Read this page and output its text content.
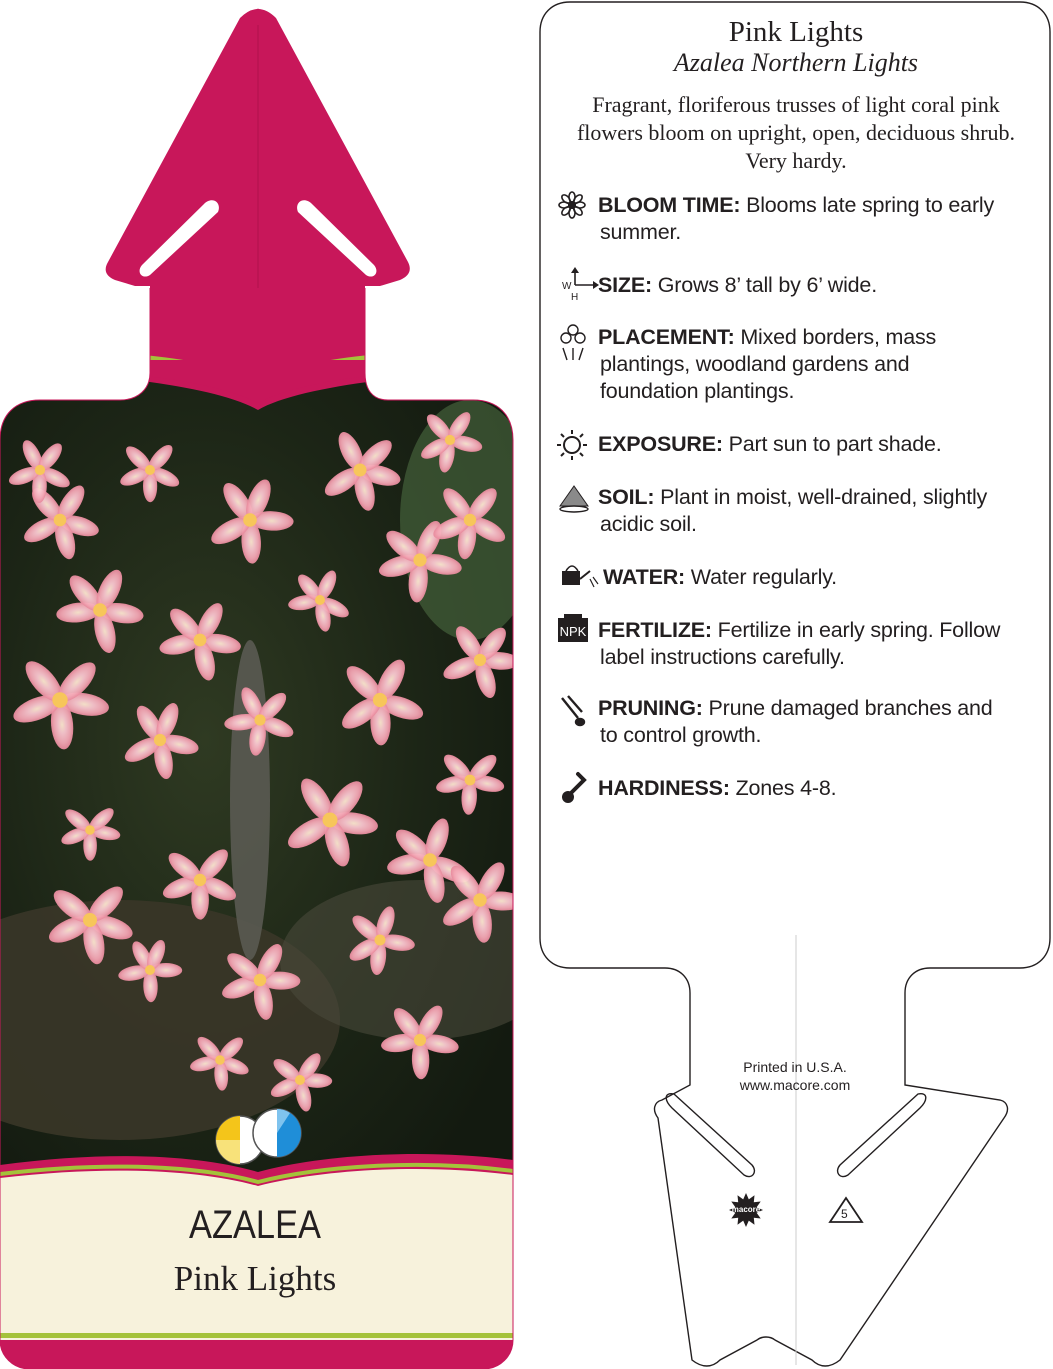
W
H
NPK
Pink Lights
Azalea Northern Lights
Fragrant, floriferous trusses of light coral pink flowers bloom on upright, open, deciduous shrub. Very hardy.
BLOOM TIME: Blooms late spring to early
summer.
SIZE: Grows 8’ tall by 6’ wide.
PLACEMENT: Mixed borders, mass
plantings, woodland gardens and
foundation plantings.
EXPOSURE: Part sun to part shade.
SOIL: Plant in moist, well-drained, slightly
acidic soil.
WATER: Water regularly.
FERTILIZE: Fertilize in early spring. Follow
label instructions carefully.
PRUNING: Prune damaged branches and
to control growth.
HARDINESS: Zones 4-8.
Printed in U.S.A.
www.macore.com
5
macore
AZALEA
Pink Lights
